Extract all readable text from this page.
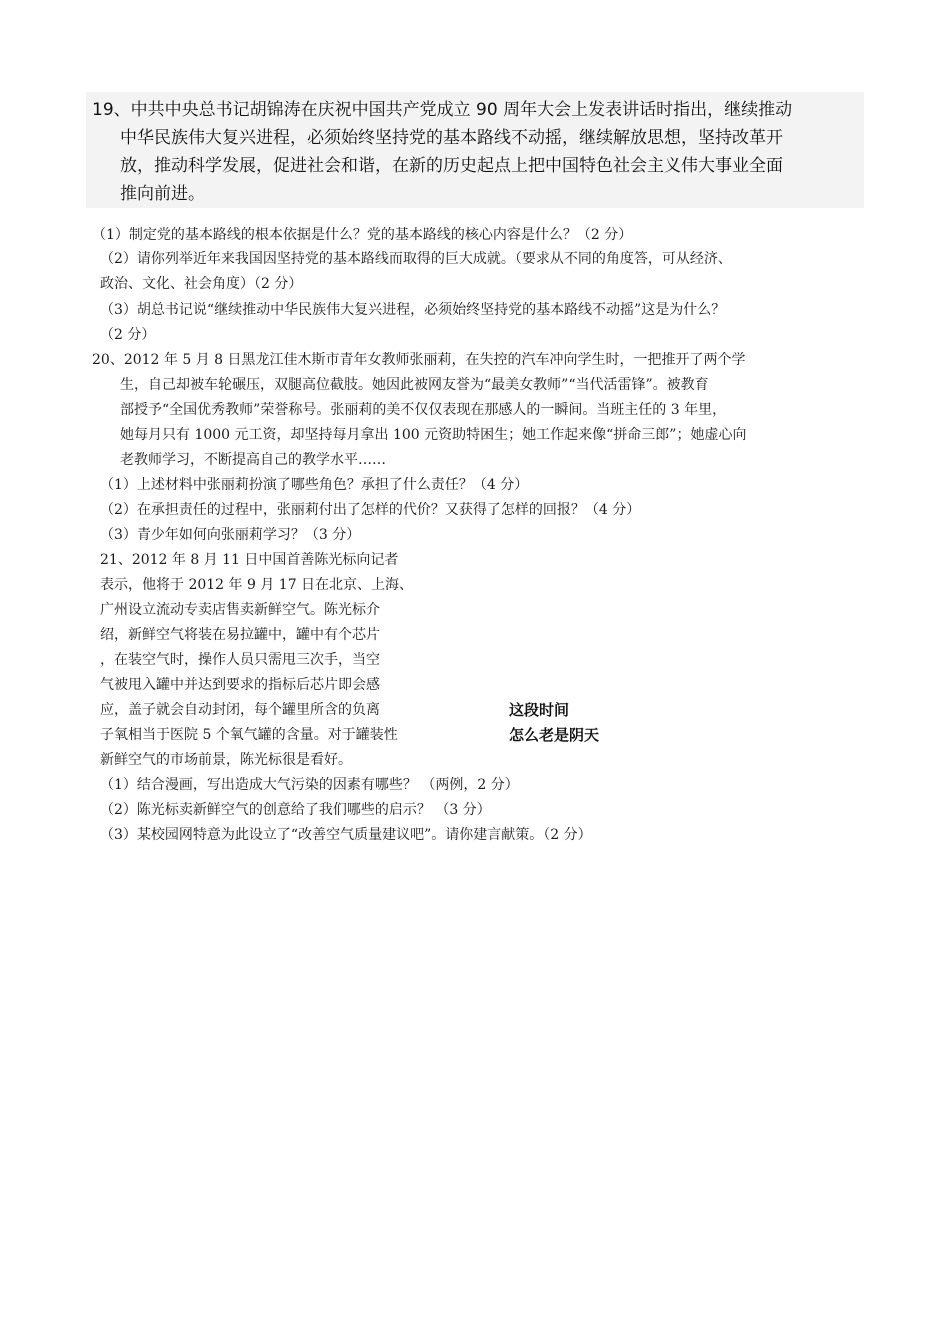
19、中共中央总书记胡锦涛在庆祝中国共产党成立 90 周年大会上发表讲话时指出，继续推动
中华民族伟大复兴进程，必须始终坚持党的基本路线不动摇，继续解放思想，坚持改革开
放，推动科学发展，促进社会和谐，在新的历史起点上把中国特色社会主义伟大事业全面
推向前进。
（1）制定党的基本路线的根本依据是什么？党的基本路线的核心内容是什么？（2 分）
（2）请你列举近年来我国因坚持党的基本路线而取得的巨大成就。（要求从不同的角度答，可从经济、
政治、文化、社会角度）（2 分）
（3）胡总书记说“继续推动中华民族伟大复兴进程，必须始终坚持党的基本路线不动摇”这是为什么？
（2 分）
20、2012 年 5 月 8 日黑龙江佳木斯市青年女教师张丽莉，在失控的汽车冲向学生时，一把推开了两个学
生，自己却被车轮碾压，双腿高位截肢。她因此被网友誉为“最美女教师”“当代活雷锋”。被教育
部授予“全国优秀教师”荣誉称号。张丽莉的美不仅仅表现在那感人的一瞬间。当班主任的 3 年里，
她每月只有 1000 元工资，却坚持每月拿出 100 元资助特困生；她工作起来像“拼命三郎”；她虚心向
老教师学习，不断提高自己的教学水平……
（1）上述材料中张丽莉扮演了哪些角色？承担了什么责任？（4 分）
（2）在承担责任的过程中，张丽莉付出了怎样的代价？又获得了怎样的回报？（4 分）
（3）青少年如何向张丽莉学习？（3 分）
21、2012 年 8 月 11 日中国首善陈光标向记者
表示，他将于 2012 年 9 月 17 日在北京、上海、
广州设立流动专卖店售卖新鲜空气。陈光标介
绍，新鲜空气将装在易拉罐中，罐中有个芯片
，在装空气时，操作人员只需甩三次手，当空
气被甩入罐中并达到要求的指标后芯片即会感
应，盖子就会自动封闭，每个罐里所含的负离
子氧相当于医院 5 个氧气罐的含量。对于罐装性
新鲜空气的市场前景，陈光标很是看好。
这段时间
怎么老是阴天
（1）结合漫画，写出造成大气污染的因素有哪些？ （两例，2 分）
（2）陈光标卖新鲜空气的创意给了我们哪些的启示？ （3 分）
（3）某校园网特意为此设立了“改善空气质量建议吧”。请你建言献策。（2 分）
